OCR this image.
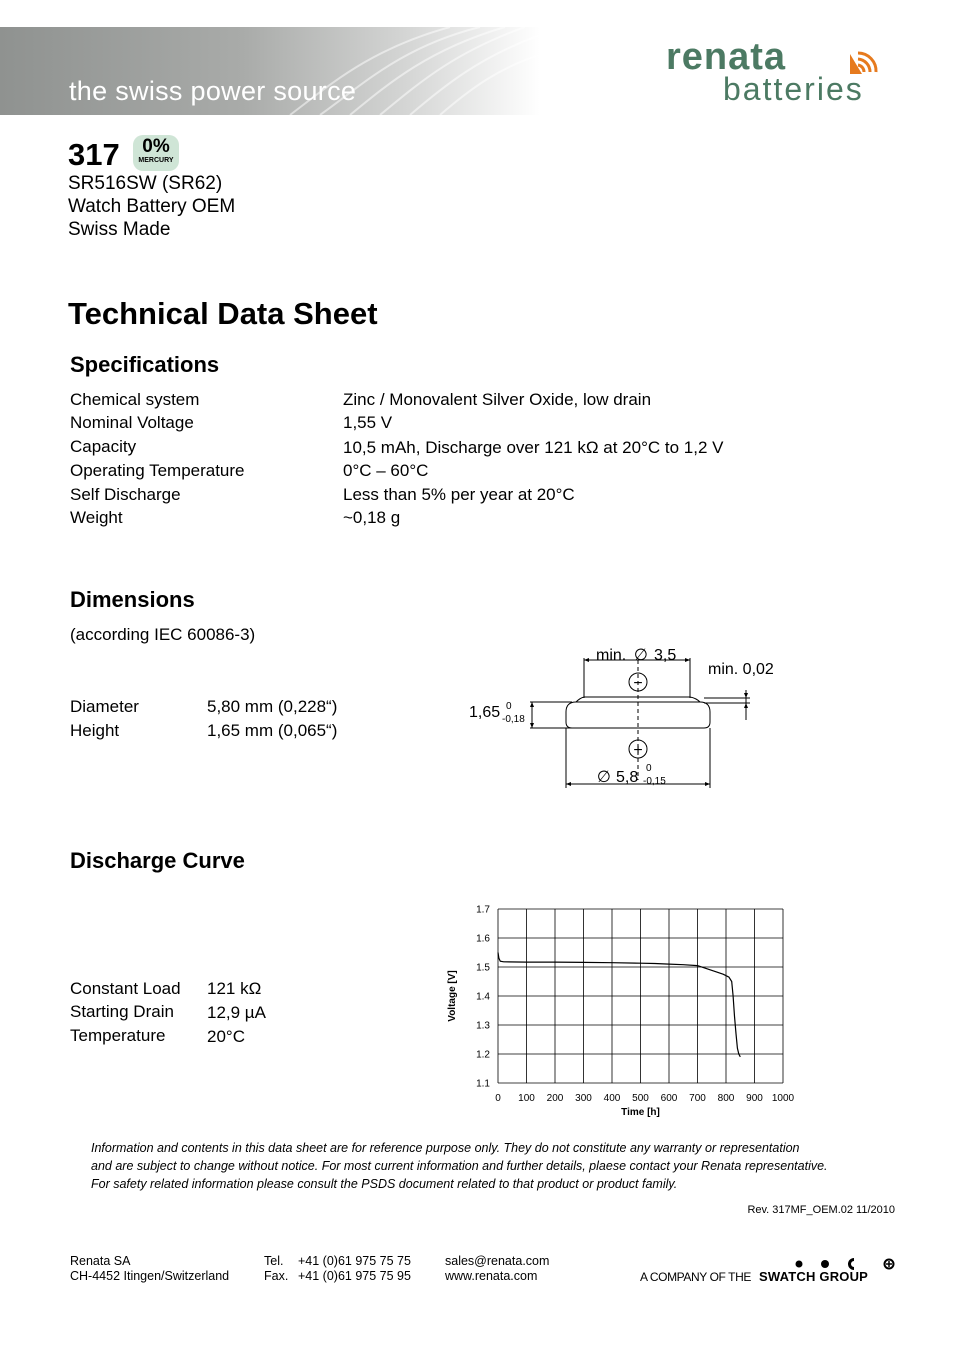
the swiss power source
renata
batteries
317	0%
MERCURY
SR516SW (SR62)
Watch Battery OEM
Swiss Made
Technical Data Sheet
Specifications
Chemical system	Zinc / Monovalent Silver Oxide, low drain
Nominal Voltage	1,55 V
Capacity	10,5 mAh, Discharge over 121 kΩ at 20°C to 1,2 V
Operating Temperature	0°C – 60°C
Self Discharge	Less than 5% per year at 20°C
Weight	~0,18 g
Dimensions
(according IEC 60086-3)
Diameter	5,80 mm (0,228“)
Height	1,65 mm (0,065“)
−
+
min. ∅ 3,5
min. 0,02
1,65 0
-0,18
∅ 5,8
0
-0,15
Discharge Curve
Constant Load 121 kΩ
Starting Drain 12,9 µA
Temperature 20°C
1.1
1.2
1.3
1.4
1.5
1.6
1.7
0 100 200 300 400 500 600 700 800 900 1000
Time [h]
Voltage [V]
Information and contents in this data sheet are for reference purpose only. They do not constitute any warranty or representation
and are subject to change without notice. For most current information and further details, plaese contact your Renata representative.
For safety related information please consult the PSDS document related to that product or product family.
Rev. 317MF_OEM.02 11/2010
Renata SA
CH-4452 Itingen/Switzerland
Tel. +41 (0)61 975 75 75
Fax. +41 (0)61 975 75 95
sales@renata.com
www.renata.com	A COMPANY OF THE SWATCH GROUP
